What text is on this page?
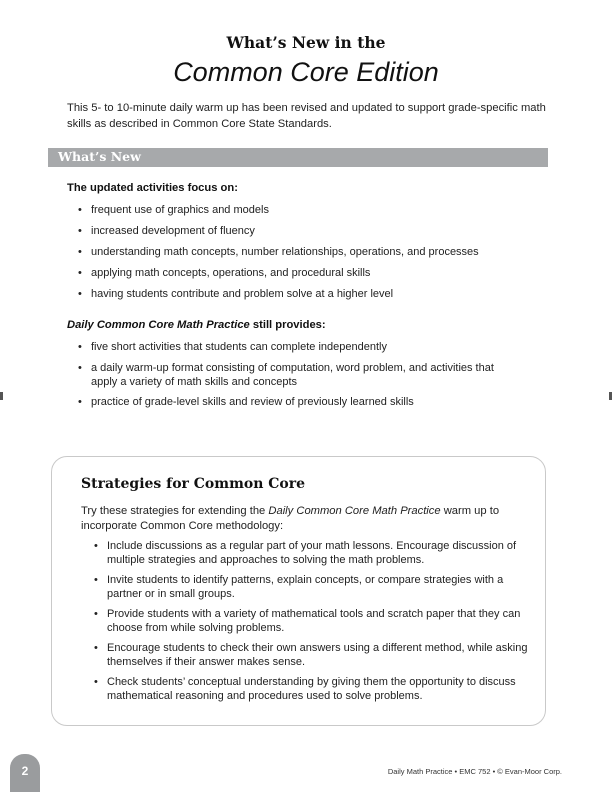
What’s New in the
Common Core Edition
This 5- to 10-minute daily warm up has been revised and updated to support grade-specific math skills as described in Common Core State Standards.
What’s New
The updated activities focus on:
• frequent use of graphics and models
• increased development of fluency
• understanding math concepts, number relationships, operations, and processes
• applying math concepts, operations, and procedural skills
• having students contribute and problem solve at a higher level
Daily Common Core Math Practice still provides:
• five short activities that students can complete independently
• a daily warm-up format consisting of computation, word problem, and activities that apply a variety of math skills and concepts
• practice of grade-level skills and review of previously learned skills
Strategies for Common Core
Try these strategies for extending the Daily Common Core Math Practice warm up to incorporate Common Core methodology:
• Include discussions as a regular part of your math lessons. Encourage discussion of multiple strategies and approaches to solving the math problems.
• Invite students to identify patterns, explain concepts, or compare strategies with a partner or in small groups.
• Provide students with a variety of mathematical tools and scratch paper that they can choose from while solving problems.
• Encourage students to check their own answers using a different method, while asking themselves if their answer makes sense.
• Check students’ conceptual understanding by giving them the opportunity to discuss mathematical reasoning and procedures used to solve problems.
2	Daily Math Practice • EMC 752 • © Evan-Moor Corp.
